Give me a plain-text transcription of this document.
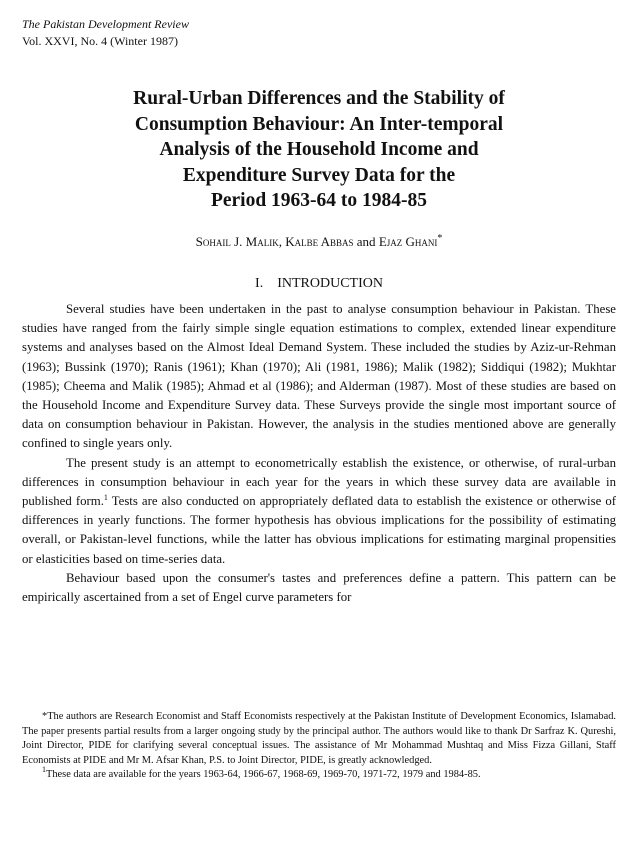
The Pakistan Development Review
Vol. XXVI, No. 4 (Winter 1987)
Rural-Urban Differences and the Stability of
Consumption Behaviour: An Inter-temporal
Analysis of the Household Income and
Expenditure Survey Data for the
Period 1963-64 to 1984-85
Sohail J. Malik, Kalbe Abbas and Ejaz Ghani*
I. INTRODUCTION

Several studies have been undertaken in the past to analyse consumption behaviour in Pakistan. These studies have ranged from the fairly simple single equation estimations to complex, extended linear expenditure systems and analyses based on the Almost Ideal Demand System. These included the studies by Aziz-ur-Rehman (1963); Bussink (1970); Ranis (1961); Khan (1970); Ali (1981, 1986); Malik (1982); Siddiqui (1982); Mukhtar (1985); Cheema and Malik (1985); Ahmad et al (1986); and Alderman (1987). Most of these studies are based on the Household Income and Expenditure Survey data. These Surveys provide the single most important source of data on consumption behaviour in Pakistan. However, the analysis in the studies mentioned above are generally confined to single years only.

The present study is an attempt to econometrically establish the existence, or otherwise, of rural-urban differences in consumption behaviour in each year for the years in which these survey data are available in published form.$^1$ Tests are also conducted on appropriately deflated data to establish the existence or otherwise of differences in yearly functions. The former hypothesis has obvious implications for the possibility of estimating overall, or Pakistan-level functions, while the latter has obvious implications for estimating marginal propensities or elasticities based on time-series data.

Behaviour based upon the consumer's tastes and preferences define a pattern. This pattern can be empirically ascertained from a set of Engel curve parameters for

*The authors are Research Economist and Staff Economists respectively at the Pakistan Institute of Development Economics, Islamabad. The paper presents partial results from a larger ongoing study by the principal author. The authors would like to thank Dr Sarfraz K. Qureshi, Joint Director, PIDE for clarifying several conceptual issues. The assistance of Mr Mohammad Mushtaq and Miss Fizza Gillani, Staff Economists at PIDE and Mr M. Afsar Khan, P.S. to Joint Director, PIDE, is greatly acknowledged.

$^1$These data are available for the years 1963-64, 1966-67, 1968-69, 1969-70, 1971-72, 1979 and 1984-85.
